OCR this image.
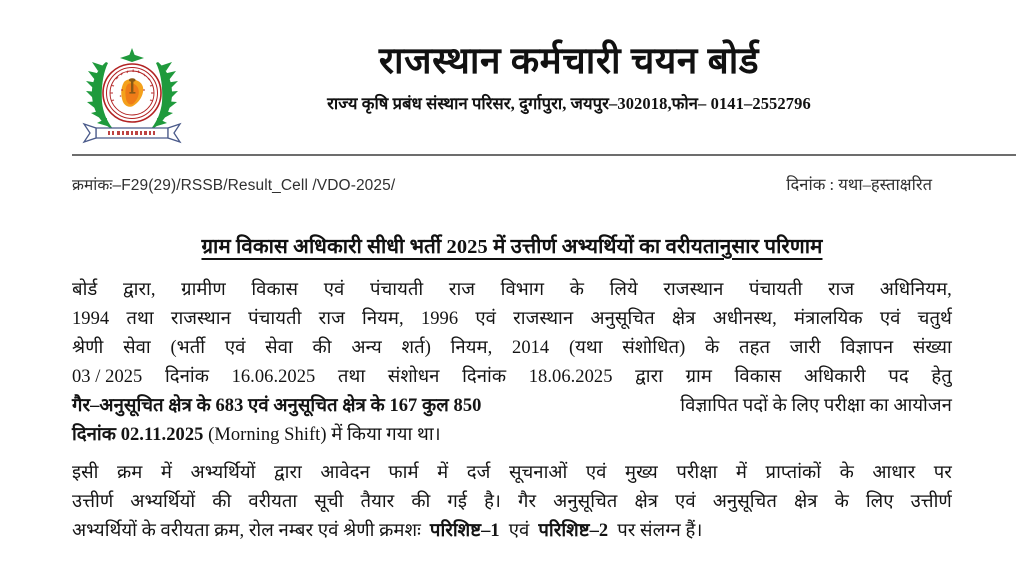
राजस्थान कर्मचारी चयन बोर्ड
राज्य कृषि प्रबंध संस्थान परिसर, दुर्गापुरा, जयपुर–302018,फोन– 0141–2552796
क्रमांकः–F29(29)/RSSB/Result_Cell /VDO-2025/	दिनांक : यथा–हस्ताक्षरित
ग्राम विकास अधिकारी सीधी भर्ती 2025 में उत्तीर्ण अभ्यर्थियों का वरीयतानुसार परिणाम
बोर्ड द्वारा, ग्रामीण विकास एवं पंचायती राज विभाग के लिये राजस्थान पंचायती राज अधिनियम,
1994 तथा राजस्थान पंचायती राज नियम, 1996 एवं राजस्थान अनुसूचित क्षेत्र अधीनस्थ, मंत्रालयिक एवं चतुर्थ
श्रेणी सेवा (भर्ती एवं सेवा की अन्य शर्त) नियम, 2014 (यथा संशोधित) के तहत जारी विज्ञापन संख्या
03 / 2025 दिनांक 16.06.2025 तथा संशोधन दिनांक 18.06.2025 द्वारा ग्राम विकास अधिकारी पद हेतु
गैर–अनुसूचित क्षेत्र के 683 एवं अनुसूचित क्षेत्र के 167 कुल 850	विज्ञापित पदों के लिए परीक्षा का आयोजन
दिनांक 02.11.2025 (Morning Shift) में किया गया था।
इसी क्रम में अभ्यर्थियों द्वारा आवेदन फार्म में दर्ज सूचनाओं एवं मुख्य परीक्षा में प्राप्तांकों के आधार पर
उत्तीर्ण अभ्यर्थियों की वरीयता सूची तैयार की गई है। गैर अनुसूचित क्षेत्र एवं अनुसूचित क्षेत्र के लिए उत्तीर्ण
अभ्यर्थियों के वरीयता क्रम, रोल नम्बर एवं श्रेणी क्रमशः परिशिष्ट–1 एवं परिशिष्ट–2 पर संलग्न हैं।
